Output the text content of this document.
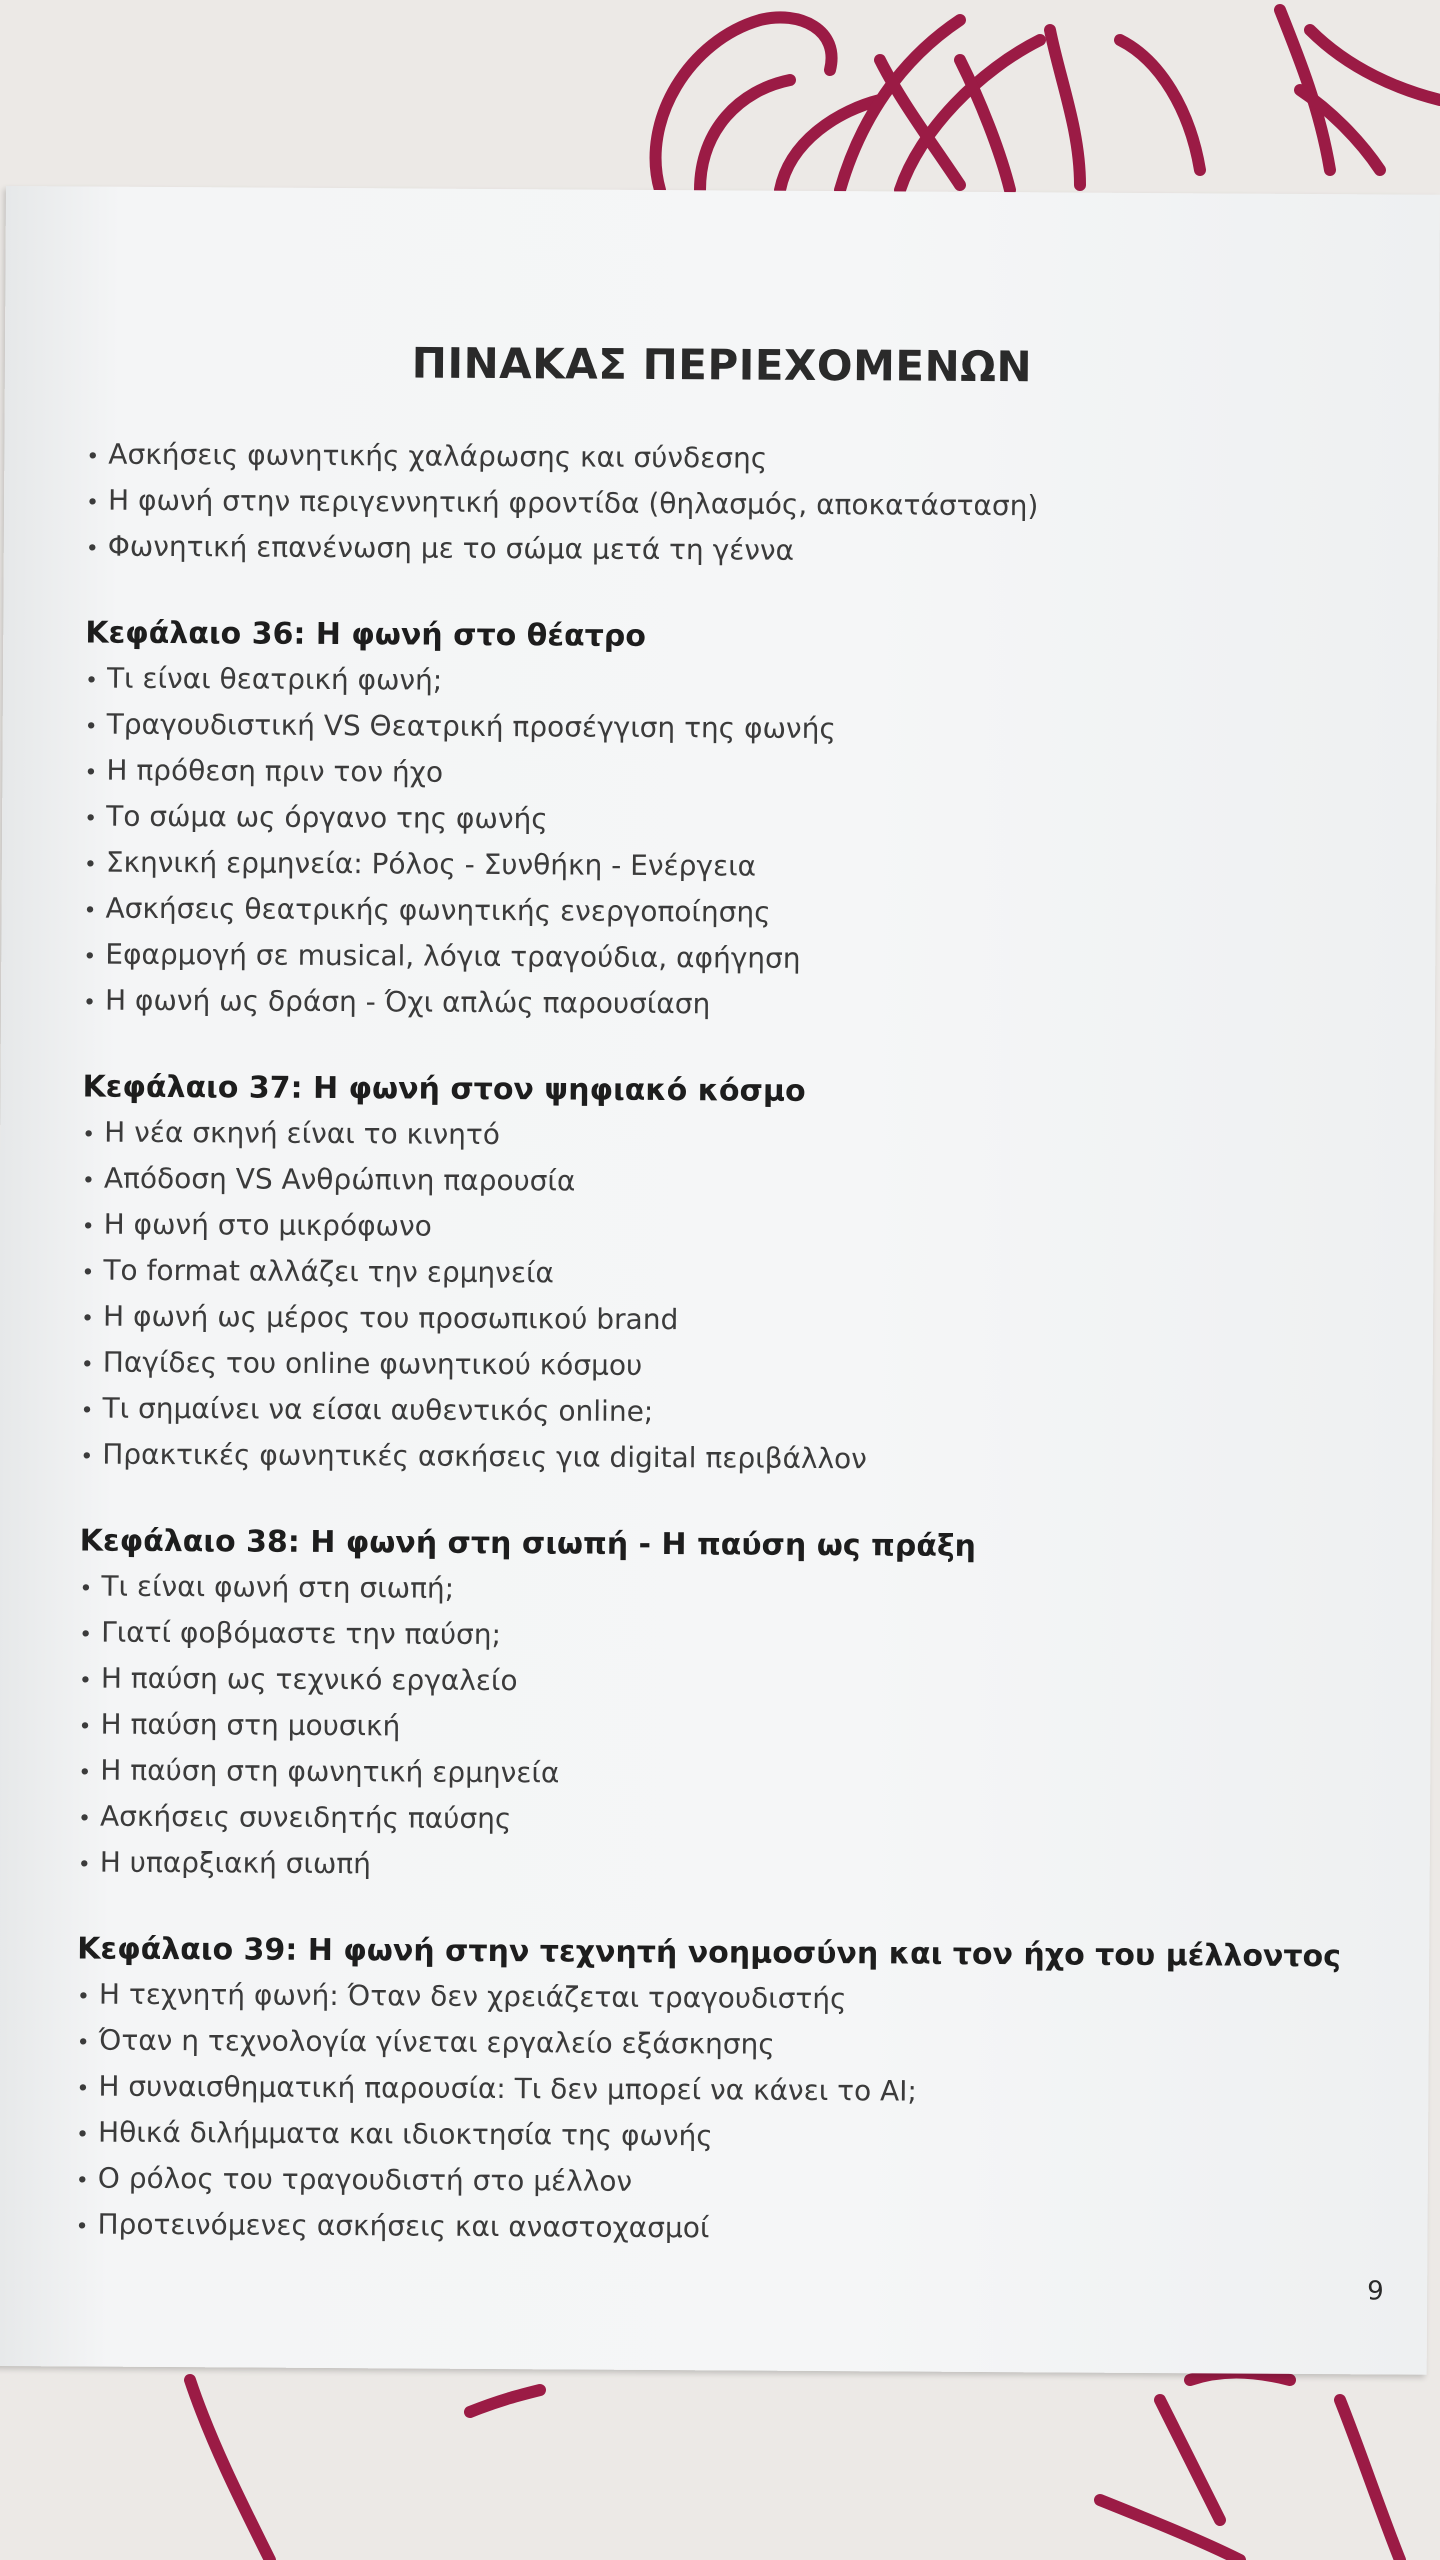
ΠΙΝΑΚΑΣ ΠΕΡΙΕΧΟΜΕΝΩΝ
• Ασκήσεις φωνητικής χαλάρωσης και σύνδεσης
• Η φωνή στην περιγεννητική φροντίδα (θηλασμός, αποκατάσταση)
• Φωνητική επανένωση με το σώμα μετά τη γέννα
Κεφάλαιο 36: Η φωνή στο θέατρο
• Τι είναι θεατρική φωνή;
• Τραγουδιστική VS Θεατρική προσέγγιση της φωνής
• Η πρόθεση πριν τον ήχο
• Το σώμα ως όργανο της φωνής
• Σκηνική ερμηνεία: Ρόλος - Συνθήκη - Ενέργεια
• Ασκήσεις θεατρικής φωνητικής ενεργοποίησης
• Εφαρμογή σε musical, λόγια τραγούδια, αφήγηση
• Η φωνή ως δράση - Όχι απλώς παρουσίαση
Κεφάλαιο 37: Η φωνή στον ψηφιακό κόσμο
• Η νέα σκηνή είναι το κινητό
• Απόδοση VS Ανθρώπινη παρουσία
• Η φωνή στο μικρόφωνο
• Το format αλλάζει την ερμηνεία
• Η φωνή ως μέρος του προσωπικού brand
• Παγίδες του online φωνητικού κόσμου
• Τι σημαίνει να είσαι αυθεντικός online;
• Πρακτικές φωνητικές ασκήσεις για digital περιβάλλον
Κεφάλαιο 38: Η φωνή στη σιωπή - Η παύση ως πράξη
• Τι είναι φωνή στη σιωπή;
• Γιατί φοβόμαστε την παύση;
• Η παύση ως τεχνικό εργαλείο
• Η παύση στη μουσική
• Η παύση στη φωνητική ερμηνεία
• Ασκήσεις συνειδητής παύσης
• Η υπαρξιακή σιωπή
Κεφάλαιο 39: Η φωνή στην τεχνητή νοημοσύνη και τον ήχο του μέλλοντος
• Η τεχνητή φωνή: Όταν δεν χρειάζεται τραγουδιστής
• Όταν η τεχνολογία γίνεται εργαλείο εξάσκησης
• Η συναισθηματική παρουσία: Τι δεν μπορεί να κάνει το AI;
• Ηθικά διλήμματα και ιδιοκτησία της φωνής
• Ο ρόλος του τραγουδιστή στο μέλλον
• Προτεινόμενες ασκήσεις και αναστοχασμοί
9
